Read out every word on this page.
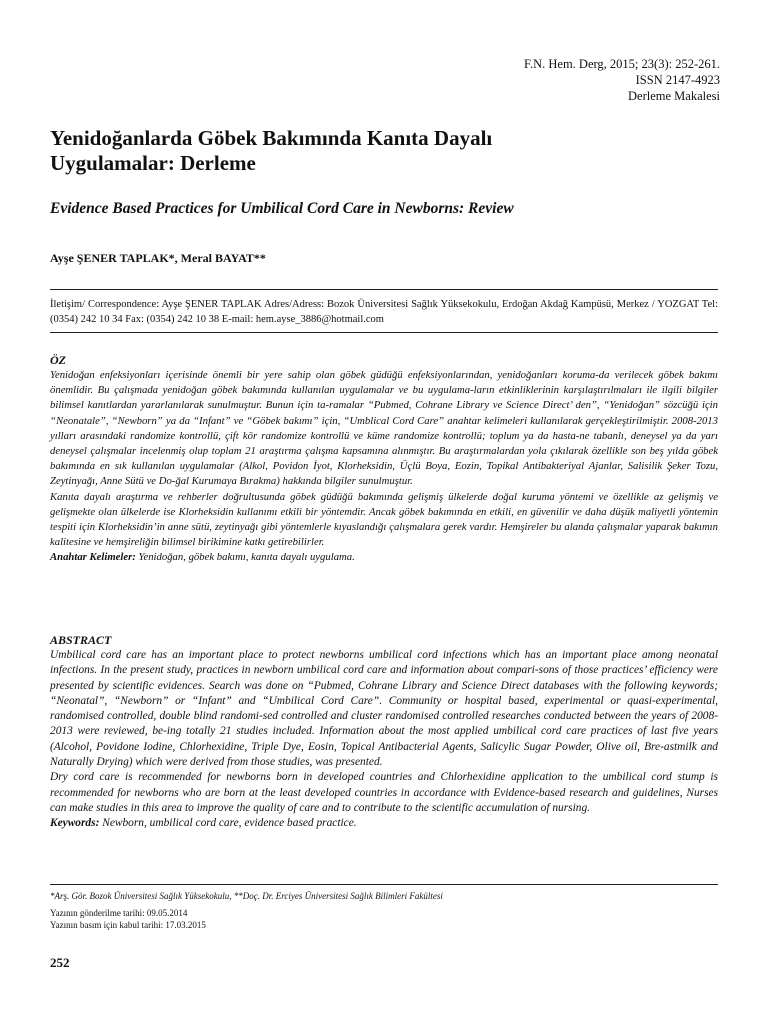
F.N. Hem. Derg, 2015; 23(3): 252-261.
ISSN 2147-4923
Derleme Makalesi
Yenidoğanlarda Göbek Bakımında Kanıta Dayalı
Uygulamalar: Derleme
Evidence Based Practices for Umbilical Cord Care in Newborns: Review
Ayşe ŞENER TAPLAK*, Meral BAYAT**
İletişim/ Correspondence: Ayşe ŞENER TAPLAK Adres/Adress: Bozok Üniversitesi Sağlık Yüksekokulu, Erdoğan Akdağ Kampüsü, Merkez / YOZGAT Tel: (0354) 242 10 34 Fax: (0354) 242 10 38 E-mail: hem.ayse_3886@hotmail.com
ÖZ

Yenidoğan enfeksiyonları içerisinde önemli bir yere sahip olan göbek güdüğü enfeksiyonlarından, yenidoğanları koruma-da verilecek göbek bakımı önemlidir. Bu çalışmada yenidoğan göbek bakımında kullanılan uygulamalar ve bu uygulama-ların etkinliklerinin karşılaştırılmaları ile ilgili bilgiler bilimsel kanıtlardan yararlanılarak sunulmuştur. Bunun için ta-ramalar “Pubmed, Cohrane Library ve Science Direct’ den”, “Yenidoğan” sözcüğü için “Neonatale”, “Newborn” ya da “Infant” ve “Göbek bakımı” için, “Umblical Cord Care” anahtar kelimeleri kullanılarak gerçekleştirilmiştir. 2008-2013 yılları arasındaki randomize kontrollü, çift kör randomize kontrollü ve küme randomize kontrollü; toplum ya da hasta-ne tabanlı, deneysel ya da yarı deneysel çalışmalar incelenmiş olup toplam 21 araştırma çalışma kapsamına alınmıştır. Bu araştırmalardan yola çıkılarak özellikle son beş yılda göbek bakımında en sık kullanılan uygulamalar (Alkol, Povidon İyot, Klorheksidin, Üçlü Boya, Eozin, Topikal Antibakteriyal Ajanlar, Salisilik Şeker Tozu, Zeytinyağı, Anne Sütü ve Do-ğal Kurumaya Bırakma) hakkında bilgiler sunulmuştur.

Kanıta dayalı araştırma ve rehberler doğrultusunda göbek güdüğü bakımında gelişmiş ülkelerde doğal kuruma yöntemi ve özellikle az gelişmiş ve gelişmekte olan ülkelerde ise Klorheksidin kullanımı etkili bir yöntemdir. Ancak göbek bakımında en etkili, en güvenilir ve daha düşük maliyetli yöntemin tespiti için Klorheksidin’in anne sütü, zeytinyağı gibi yöntemlerle kıyaslandığı çalışmalara gerek vardır. Hemşireler bu alanda çalışmalar yaparak bakımın kalitesine ve hemşireliğin bilimsel birikimine katkı getirebilirler.

Anahtar Kelimeler: Yenidoğan, göbek bakımı, kanıta dayalı uygulama.

ABSTRACT

Umbilical cord care has an important place to protect newborns umbilical cord infections which has an important place among neonatal infections. In the present study, practices in newborn umbilical cord care and information about compari-sons of those practices’ efficiency were presented by scientific evidences. Search was done on “Pubmed, Cohrane Library and Science Direct databases with the following keywords; “Neonatal”, “Newborn” or “Infant” and “Umbilical Cord Care”. Community or hospital based, experimental or quasi-experimental, randomised controlled, double blind randomi-sed controlled and cluster randomised controlled researches conducted between the years of 2008-2013 were reviewed, be-ing totally 21 studies included. Information about the most applied umbilical cord care practices of last five years (Alcohol, Povidone Iodine, Chlorhexidine, Triple Dye, Eosin, Topical Antibacterial Agents, Salicylic Sugar Powder, Olive oil, Bre-astmilk and Naturally Drying) which were derived from those studies, was presented.

Dry cord care is recommended for newborns born in developed countries and Chlorhexidine application to the umbilical cord stump is recommended for newborns who are born at the least developed countries in accordance with Evidence-based research and guidelines, Nurses can make studies in this area to improve the quality of care and to contribute to the scientific accumulation of nursing.

Keywords: Newborn, umbilical cord care, evidence based practice.

*Arş. Gör. Bozok Üniversitesi Sağlık Yüksekokulu, **Doç. Dr. Erciyes Üniversitesi Sağlık Bilimleri Fakültesi
Yazının gönderilme tarihi: 09.05.2014
Yazının basım için kabul tarihi: 17.03.2015
252
